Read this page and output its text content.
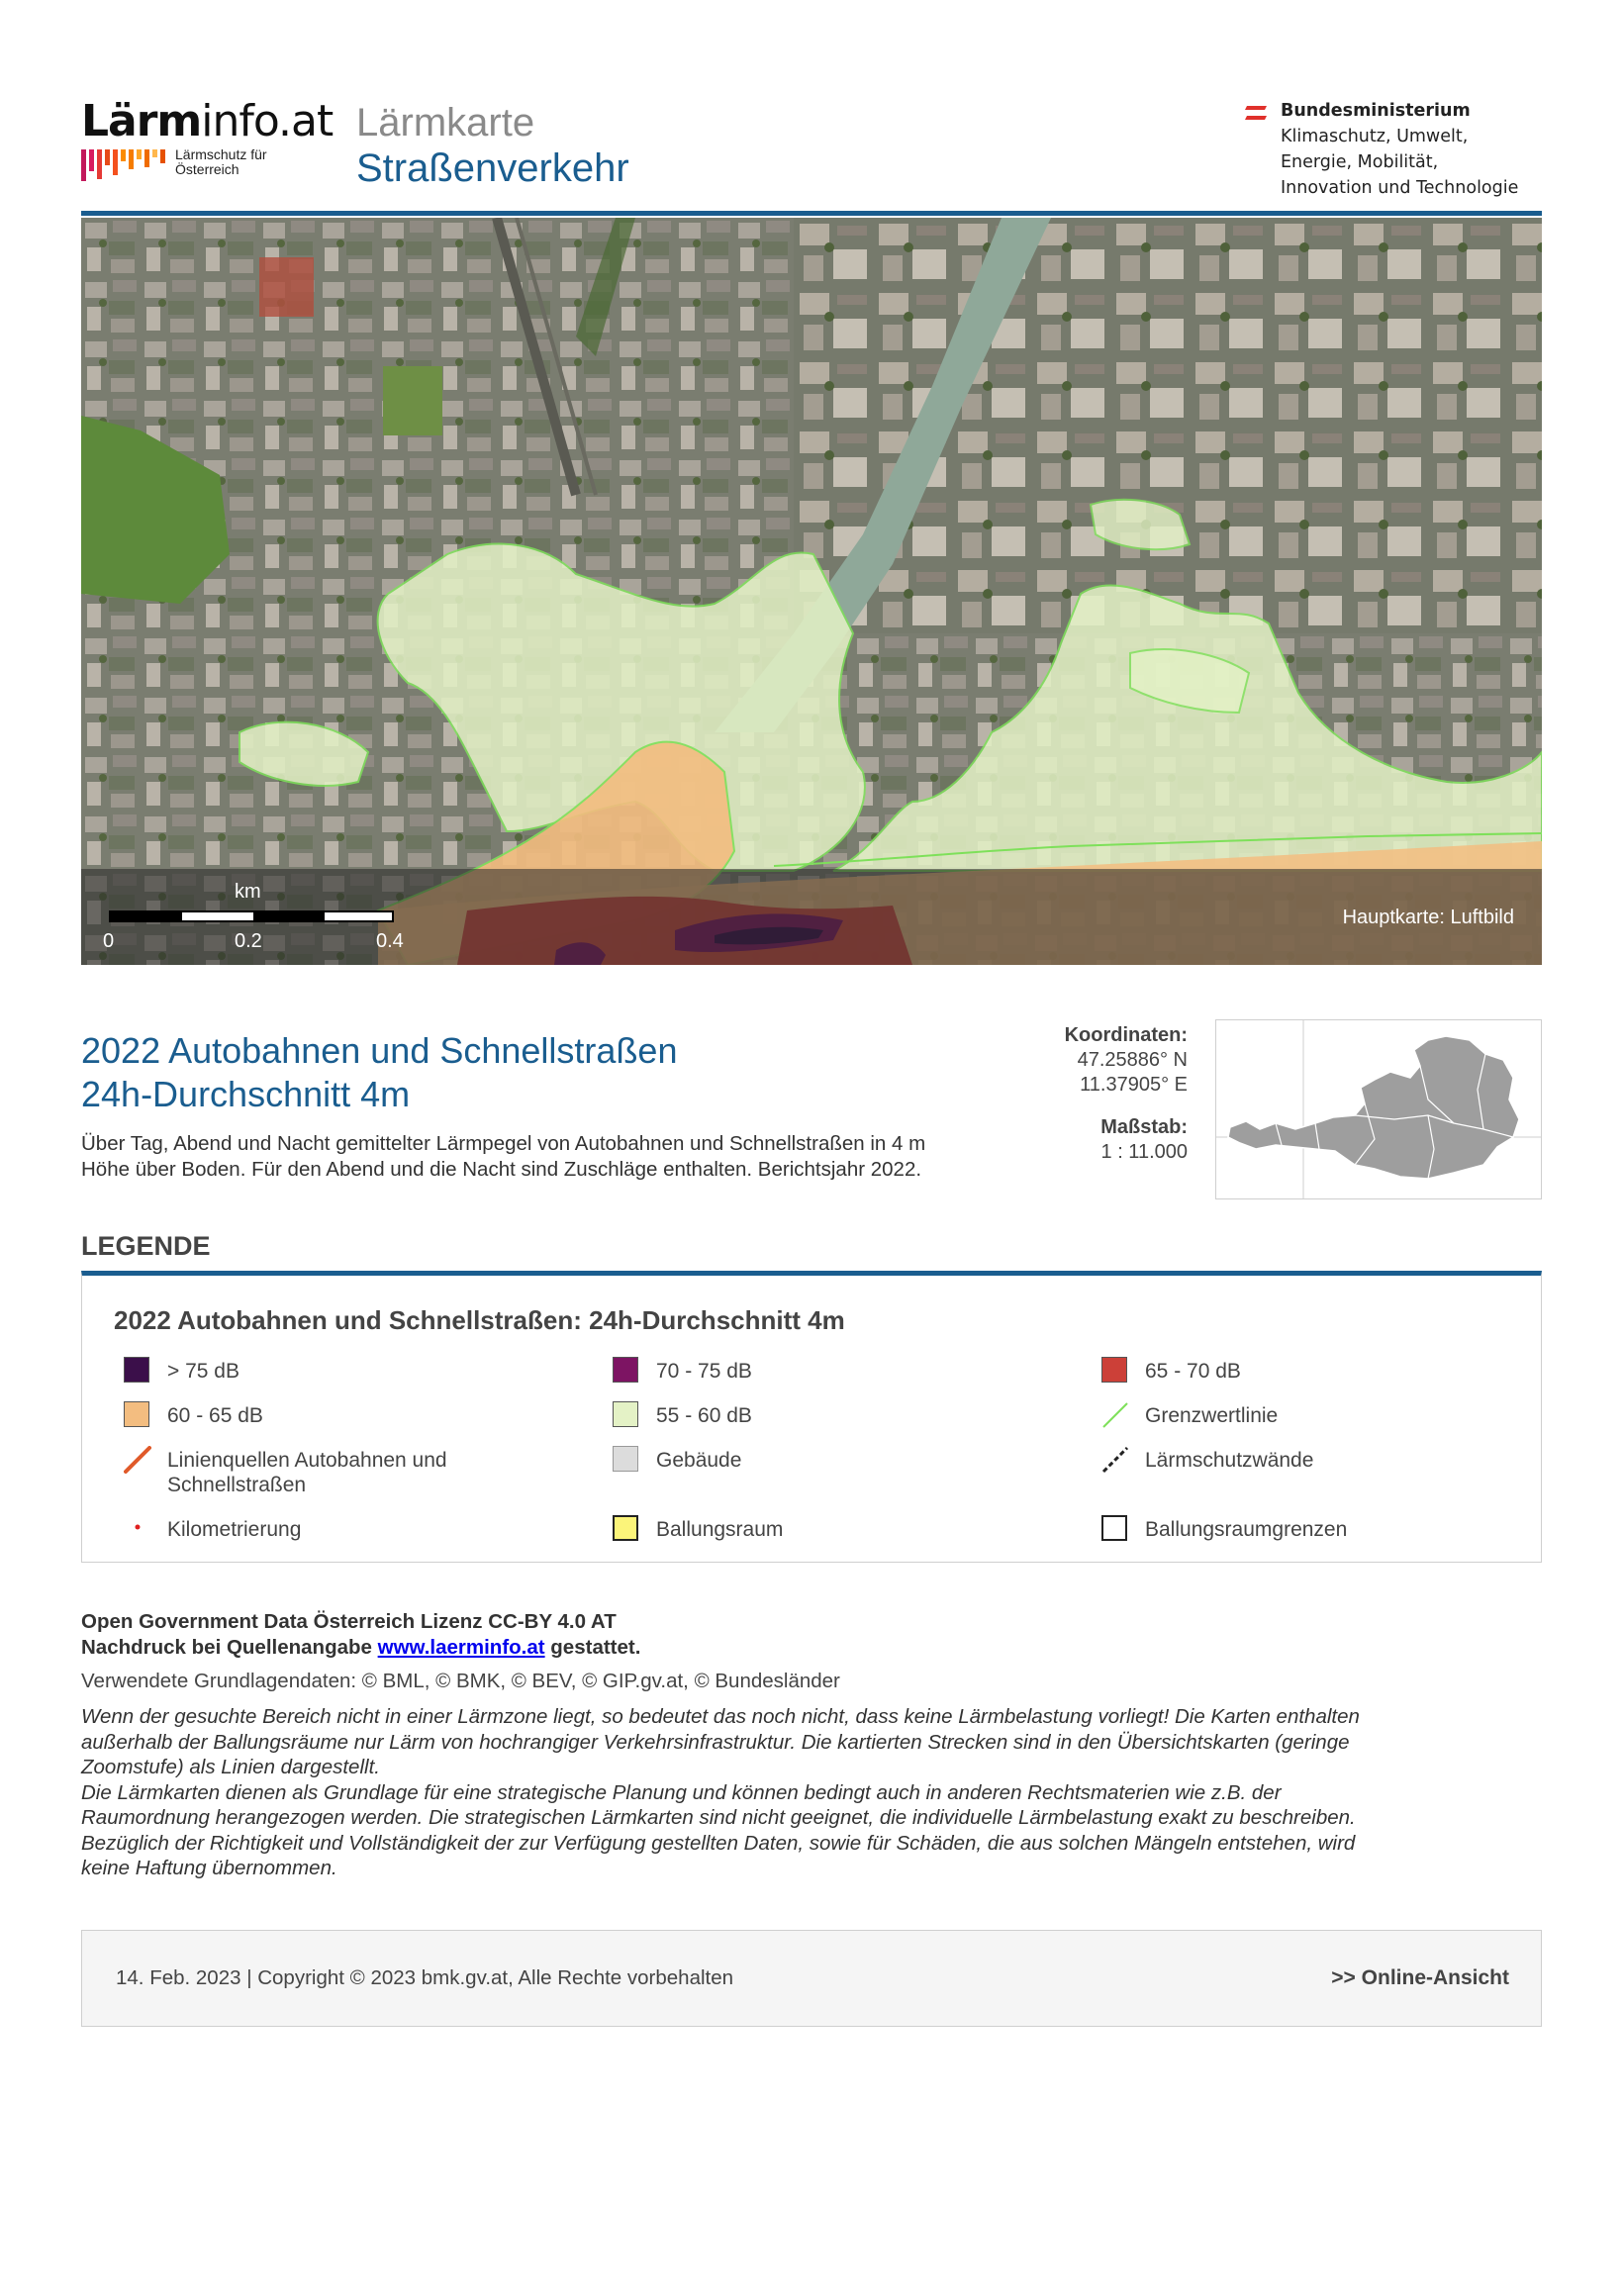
Lärminfo.at
Lärmschutz für
Österreich
Lärmkarte
Straßenverkehr
Bundesministerium
Klimaschutz, Umwelt,
Energie, Mobilität,
Innovation und Technologie
km
0	0.2	0.4
Hauptkarte: Luftbild
2022 Autobahnen und Schnellstraßen
24h-Durchschnitt 4m
Über Tag, Abend und Nacht gemittelter Lärmpegel von Autobahnen und Schnellstraßen in 4 m
Höhe über Boden. Für den Abend und die Nacht sind Zuschläge enthalten. Berichtsjahr 2022.
Koordinaten:
47.25886° N
11.37905° E
Maßstab:
1 : 11.000
LEGENDE
2022 Autobahnen und Schnellstraßen: 24h-Durchschnitt 4m
> 75 dB	70 - 75 dB	65 - 70 dB
60 - 65 dB	55 - 60 dB	Grenzwertlinie
Linienquellen Autobahnen und Schnellstraßen
Gebäude	Lärmschutzwände
Kilometrierung	Ballungsraum	Ballungsraumgrenzen
Open Government Data Österreich Lizenz CC-BY 4.0 AT
Nachdruck bei Quellenangabe www.laerminfo.at gestattet.
Verwendete Grundlagendaten: © BML, © BMK, © BEV, © GIP.gv.at, © Bundesländer
Wenn der gesuchte Bereich nicht in einer Lärmzone liegt, so bedeutet das noch nicht, dass keine Lärmbelastung vorliegt! Die Karten enthalten
außerhalb der Ballungsräume nur Lärm von hochrangiger Verkehrsinfrastruktur. Die kartierten Strecken sind in den Übersichtskarten (geringe
Zoomstufe) als Linien dargestellt.
Die Lärmkarten dienen als Grundlage für eine strategische Planung und können bedingt auch in anderen Rechtsmaterien wie z.B. der
Raumordnung herangezogen werden. Die strategischen Lärmkarten sind nicht geeignet, die individuelle Lärmbelastung exakt zu beschreiben.
Bezüglich der Richtigkeit und Vollständigkeit der zur Verfügung gestellten Daten, sowie für Schäden, die aus solchen Mängeln entstehen, wird
keine Haftung übernommen.
14. Feb. 2023 | Copyright © 2023 bmk.gv.at, Alle Rechte vorbehalten	>> Online-Ansicht
